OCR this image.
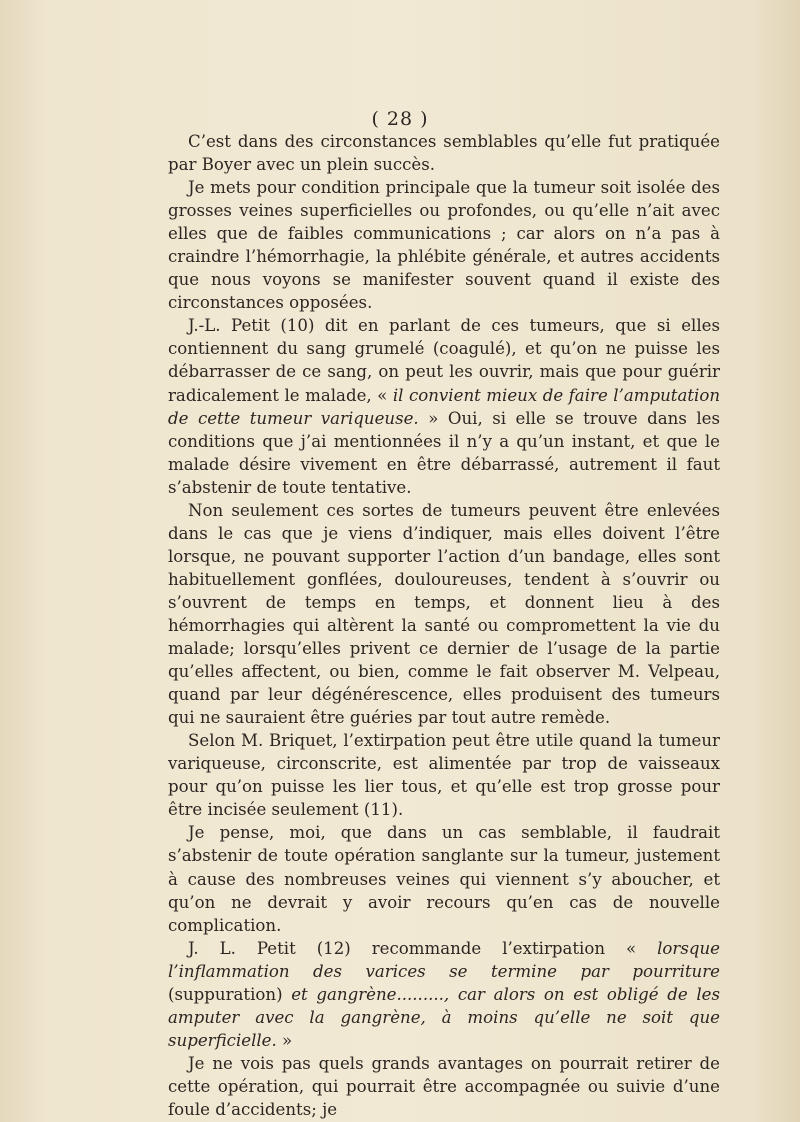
( 28 )

C’est dans des circonstances semblables qu’elle fut pratiquée par Boyer avec un plein succès.

Je mets pour condition principale que la tumeur soit isolée des grosses veines superficielles ou profondes, ou qu’elle n’ait avec elles que de faibles communications ; car alors on n’a pas à craindre l’hémorrhagie, la phlébite générale, et autres accidents que nous voyons se manifester souvent quand il existe des circonstances opposées.

J.-L. Petit (10) dit en parlant de ces tumeurs, que si elles contiennent du sang grumelé (coagulé), et qu’on ne puisse les débarrasser de ce sang, on peut les ouvrir, mais que pour guérir radicalement le malade, « il convient mieux de faire l’amputation de cette tumeur variqueuse. » Oui, si elle se trouve dans les conditions que j’ai mentionnées il n’y a qu’un instant, et que le malade désire vivement en être débarrassé, autrement il faut s’abstenir de toute tentative.

Non seulement ces sortes de tumeurs peuvent être enlevées dans le cas que je viens d’indiquer, mais elles doivent l’être lorsque, ne pouvant supporter l’action d’un bandage, elles sont habituellement gonflées, douloureuses, tendent à s’ouvrir ou s’ouvrent de temps en temps, et donnent lieu à des hémorrhagies qui altèrent la santé ou compromettent la vie du malade; lorsqu’elles privent ce dernier de l’usage de la partie qu’elles affectent, ou bien, comme le fait observer M. Velpeau, quand par leur dégénérescence, elles produisent des tumeurs qui ne sauraient être guéries par tout autre remède.

Selon M. Briquet, l’extirpation peut être utile quand la tumeur variqueuse, circonscrite, est alimentée par trop de vaisseaux pour qu’on puisse les lier tous, et qu’elle est trop grosse pour être incisée seulement (11).

Je pense, moi, que dans un cas semblable, il faudrait s’abstenir de toute opération sanglante sur la tumeur, justement à cause des nombreuses veines qui viennent s’y aboucher, et qu’on ne devrait y avoir recours qu’en cas de nouvelle complication.

J. L. Petit (12) recommande l’extirpation « lorsque l’inflammation des varices se termine par pourriture (suppuration) et gangrène........., car alors on est obligé de les amputer avec la gangrène, à moins qu’elle ne soit que superficielle. »

Je ne vois pas quels grands avantages on pourrait retirer de cette opération, qui pourrait être accompagnée ou suivie d’une foule d’accidents; je
